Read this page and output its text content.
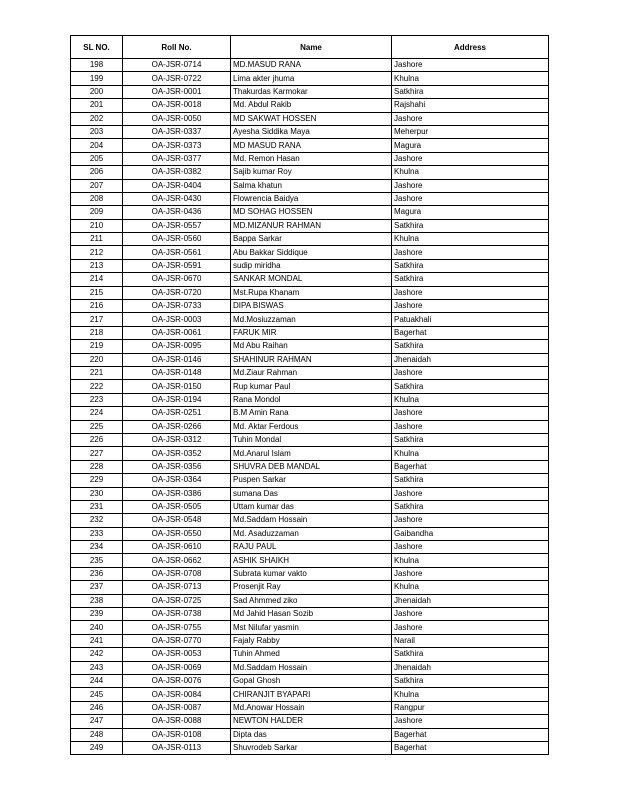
SL NO.	Roll No.	Name	Address
198	OA-JSR-0714	MD.MASUD RANA	Jashore
199	OA-JSR-0722	Lima akter jhuma	Khulna
200	OA-JSR-0001	Thakurdas Karmokar	Satkhira
201	OA-JSR-0018	Md. Abdul Rakib	Rajshahi
202	OA-JSR-0050	MD SAKWAT HOSSEN	Jashore
203	OA-JSR-0337	Ayesha Siddika Maya	Meherpur
204	OA-JSR-0373	MD MASUD RANA	Magura
205	OA-JSR-0377	Md. Remon Hasan	Jashore
206	OA-JSR-0382	Sajib kumar Roy	Khulna
207	OA-JSR-0404	Salma khatun	Jashore
208	OA-JSR-0430	Flowrencia Baidya	Jashore
209	OA-JSR-0436	MD SOHAG HOSSEN	Magura
210	OA-JSR-0557	MD.MIZANUR RAHMAN	Satkhira
211	OA-JSR-0560	Bappa Sarkar	Khulna
212	OA-JSR-0561	Abu Bakkar Siddique	Jashore
213	OA-JSR-0591	sudip miridha	Satkhira
214	OA-JSR-0670	SANKAR MONDAL	Satkhira
215	OA-JSR-0720	Mst.Rupa Khanam	Jashore
216	OA-JSR-0733	DIPA BISWAS	Jashore
217	OA-JSR-0003	Md.Mosiuzzaman	Patuakhali
218	OA-JSR-0061	FARUK MIR	Bagerhat
219	OA-JSR-0095	Md Abu Raihan	Satkhira
220	OA-JSR-0146	SHAHINUR RAHMAN	Jhenaidah
221	OA-JSR-0148	Md.Ziaur Rahman	Jashore
222	OA-JSR-0150	Rup kumar Paul	Satkhira
223	OA-JSR-0194	Rana Mondol	Khulna
224	OA-JSR-0251	B.M Amin Rana	Jashore
225	OA-JSR-0266	Md. Aktar Ferdous	Jashore
226	OA-JSR-0312	Tuhin Mondal	Satkhira
227	OA-JSR-0352	Md.Anarul Islam	Khulna
228	OA-JSR-0356	SHUVRA DEB MANDAL	Bagerhat
229	OA-JSR-0364	Puspen Sarkar	Satkhira
230	OA-JSR-0386	sumana Das	Jashore
231	OA-JSR-0505	Uttam kumar das	Satkhira
232	OA-JSR-0548	Md.Saddam Hossain	Jashore
233	OA-JSR-0550	Md. Asaduzzaman	Gaibandha
234	OA-JSR-0610	RAJU PAUL	Jashore
235	OA-JSR-0662	ASHIK SHAIKH	Khulna
236	OA-JSR-0708	Subrata kumar vakto	Jashore
237	OA-JSR-0713	Prosenjit Ray	Khulna
238	OA-JSR-0725	Sad Ahmmed ziko	Jhenaidah
239	OA-JSR-0738	Md Jahid Hasan Sozib	Jashore
240	OA-JSR-0755	Mst Nilufar yasmin	Jashore
241	OA-JSR-0770	Fajaly Rabby	Narail
242	OA-JSR-0053	Tuhin Ahmed	Satkhira
243	OA-JSR-0069	Md.Saddam Hossain	Jhenaidah
244	OA-JSR-0076	Gopal Ghosh	Satkhira
245	OA-JSR-0084	CHIRANJIT BYAPARI	Khulna
246	OA-JSR-0087	Md.Anowar Hossain	Rangpur
247	OA-JSR-0088	NEWTON HALDER	Jashore
248	OA-JSR-0108	Dipta das	Bagerhat
249	OA-JSR-0113	Shuvrodeb Sarkar	Bagerhat
